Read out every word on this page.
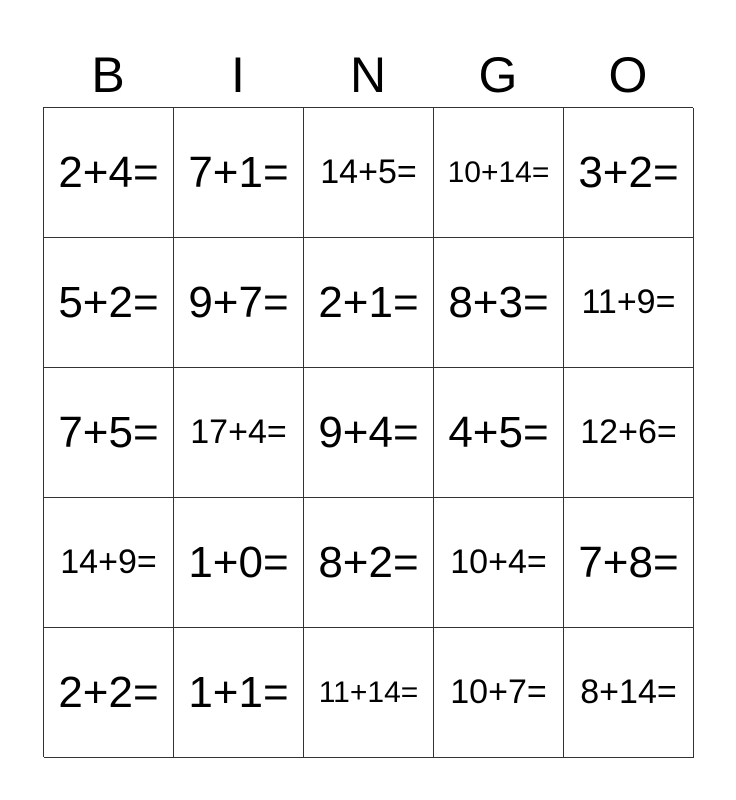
B	I	N	G	O
2+4= 7+1= 14+5=	10+14= 3+2=
5+2= 9+7= 2+1= 8+3= 11+9=
7+5= 17+4= 9+4= 4+5= 12+6=
14+9= 1+0= 8+2= 10+4= 7+8=
2+2= 1+1=	11+14= 10+7= 8+14=
